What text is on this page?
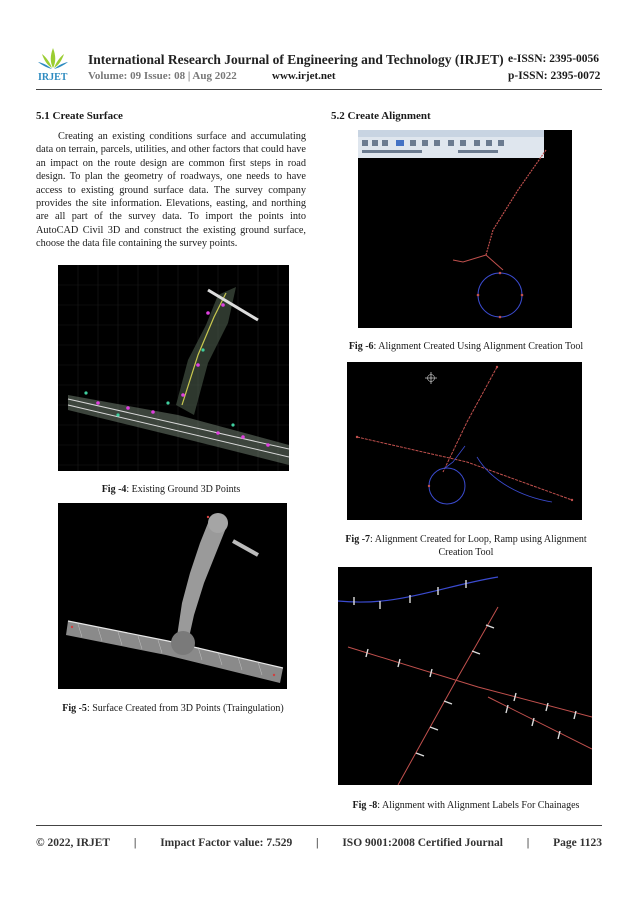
IRJET
International Research Journal of Engineering and Technology (IRJET) e-ISSN: 2395-0056
Volume: 09 Issue: 08 | Aug 2022	www.irjet.net	p-ISSN: 2395-0072
5.1 Create Surface
Creating an existing conditions surface and accumulating data on terrain, parcels, utilities, and other factors that could have an impact on the route design are common first steps in road design. To plan the geometry of roadways, one needs to have access to existing ground surface data. The survey company provides the site information. Elevations, easting, and northing are all part of the survey data. To import the points into AutoCAD Civil 3D and construct the existing ground surface, choose the data file containing the survey points.
Fig -4: Existing Ground 3D Points
Fig -5: Surface Created from 3D Points (Traingulation)
5.2 Create Alignment
Fig -6: Alignment Created Using Alignment Creation Tool
Fig -7: Alignment Created for Loop, Ramp using Alignment Creation Tool
Fig -8: Alignment with Alignment Labels For Chainages
© 2022, IRJET | Impact Factor value: 7.529 | ISO 9001:2008 Certified Journal | Page 1123
